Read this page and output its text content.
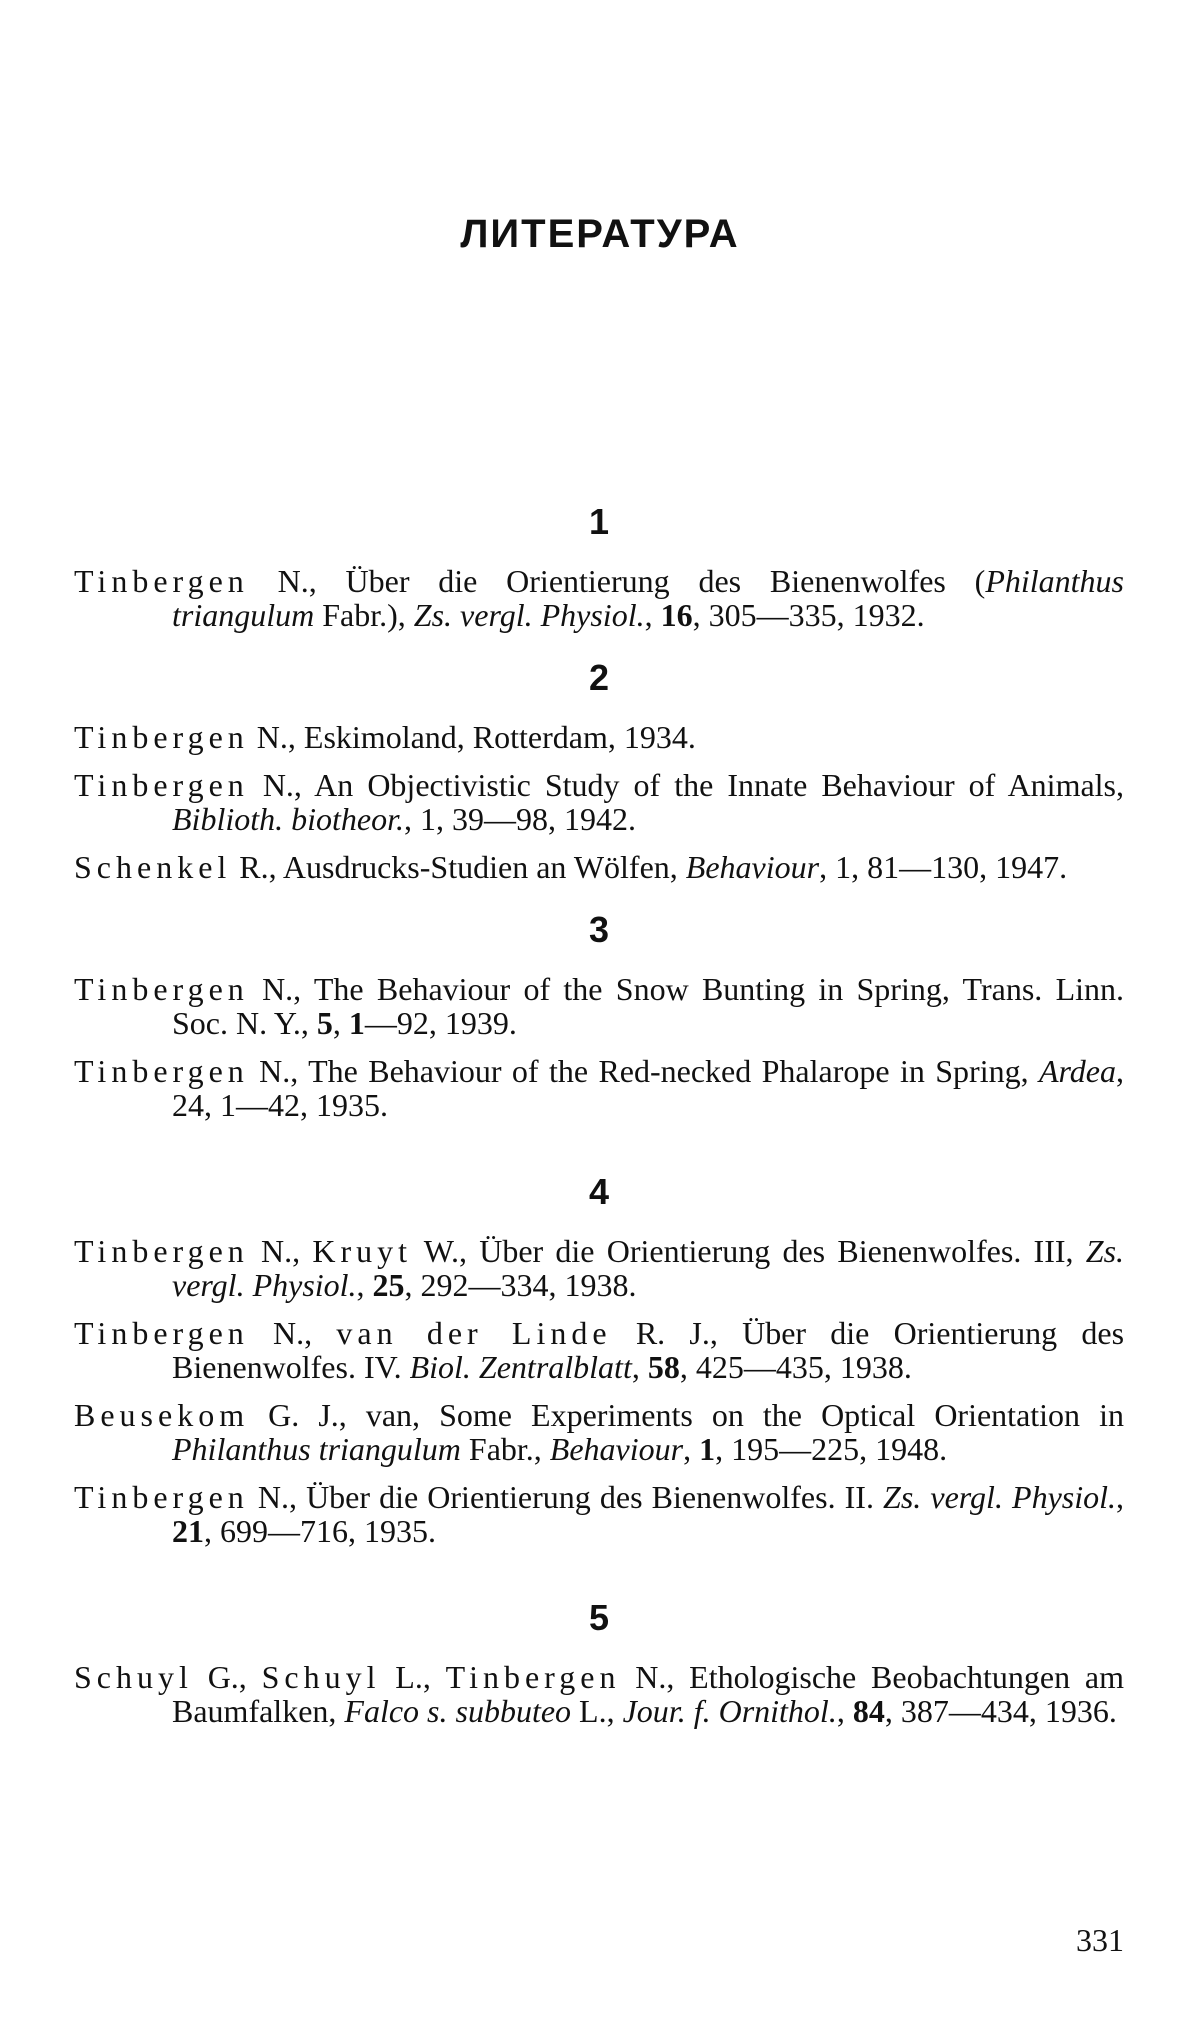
ЛИТЕРАТУРА
1

Tinbergen N., Über die Orientierung des Bienenwolfes (Philanthus triangulum Fabr.), Zs. vergl. Physiol., 16, 305—335, 1932.

2

Tinbergen N., Eskimoland, Rotterdam, 1934.

Tinbergen N., An Objectivistic Study of the Innate Behaviour of Animals, Biblioth. biotheor., 1, 39—98, 1942.

Schenkel R., Ausdrucks-Studien an Wölfen, Behaviour, 1, 81—130, 1947.

3

Tinbergen N., The Behaviour of the Snow Bunting in Spring, Trans. Linn. Soc. N. Y., 5, 1—92, 1939.

Tinbergen N., The Behaviour of the Red-necked Phalarope in Spring, Ardea, 24, 1—42, 1935.

4

Tinbergen N., Kruyt W., Über die Orientierung des Bienenwolfes. III, Zs. vergl. Physiol., 25, 292—334, 1938.

Tinbergen N., van der Linde R. J., Über die Orientierung des Bienenwolfes. IV. Biol. Zentralblatt, 58, 425—435, 1938.

Beusekom G. J., van, Some Experiments on the Optical Orientation in Philanthus triangulum Fabr., Behaviour, 1, 195—225, 1948.

Tinbergen N., Über die Orientierung des Bienenwolfes. II. Zs. vergl. Physiol., 21, 699—716, 1935.

5

Schuyl G., Schuyl L., Tinbergen N., Ethologische Beobachtungen am Baumfalken, Falco s. subbuteo L., Jour. f. Ornithol., 84, 387—434, 1936.

331
